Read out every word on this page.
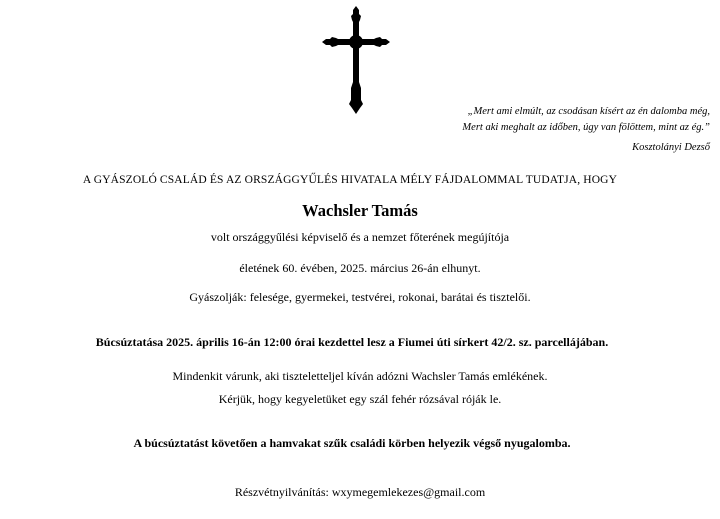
„Mert ami elmúlt, az csodásan kísért az én dalomba még,
Mert aki meghalt az időben, úgy van fölöttem, mint az ég.”
Kosztolányi Dezső
A GYÁSZOLÓ CSALÁD ÉS AZ ORSZÁGGYŰLÉS HIVATALA MÉLY FÁJDALOMMAL TUDATJA, HOGY
Wachsler Tamás
volt országgyűlési képviselő és a nemzet főterének megújítója
életének 60. évében, 2025. március 26-án elhunyt.
Gyászolják: felesége, gyermekei, testvérei, rokonai, barátai és tisztelői.
Búcsúztatása 2025. április 16-án 12:00 órai kezdettel lesz a Fiumei úti sírkert 42/2. sz. parcellájában.
Mindenkit várunk, aki tiszteletteljel kíván adózni Wachsler Tamás emlékének.
Kérjük, hogy kegyeletüket egy szál fehér rózsával róják le.
A búcsúztatást követően a hamvakat szűk családi körben helyezik végső nyugalomba.
Részvétnyilvánítás: wxymegemlekezes@gmail.com
